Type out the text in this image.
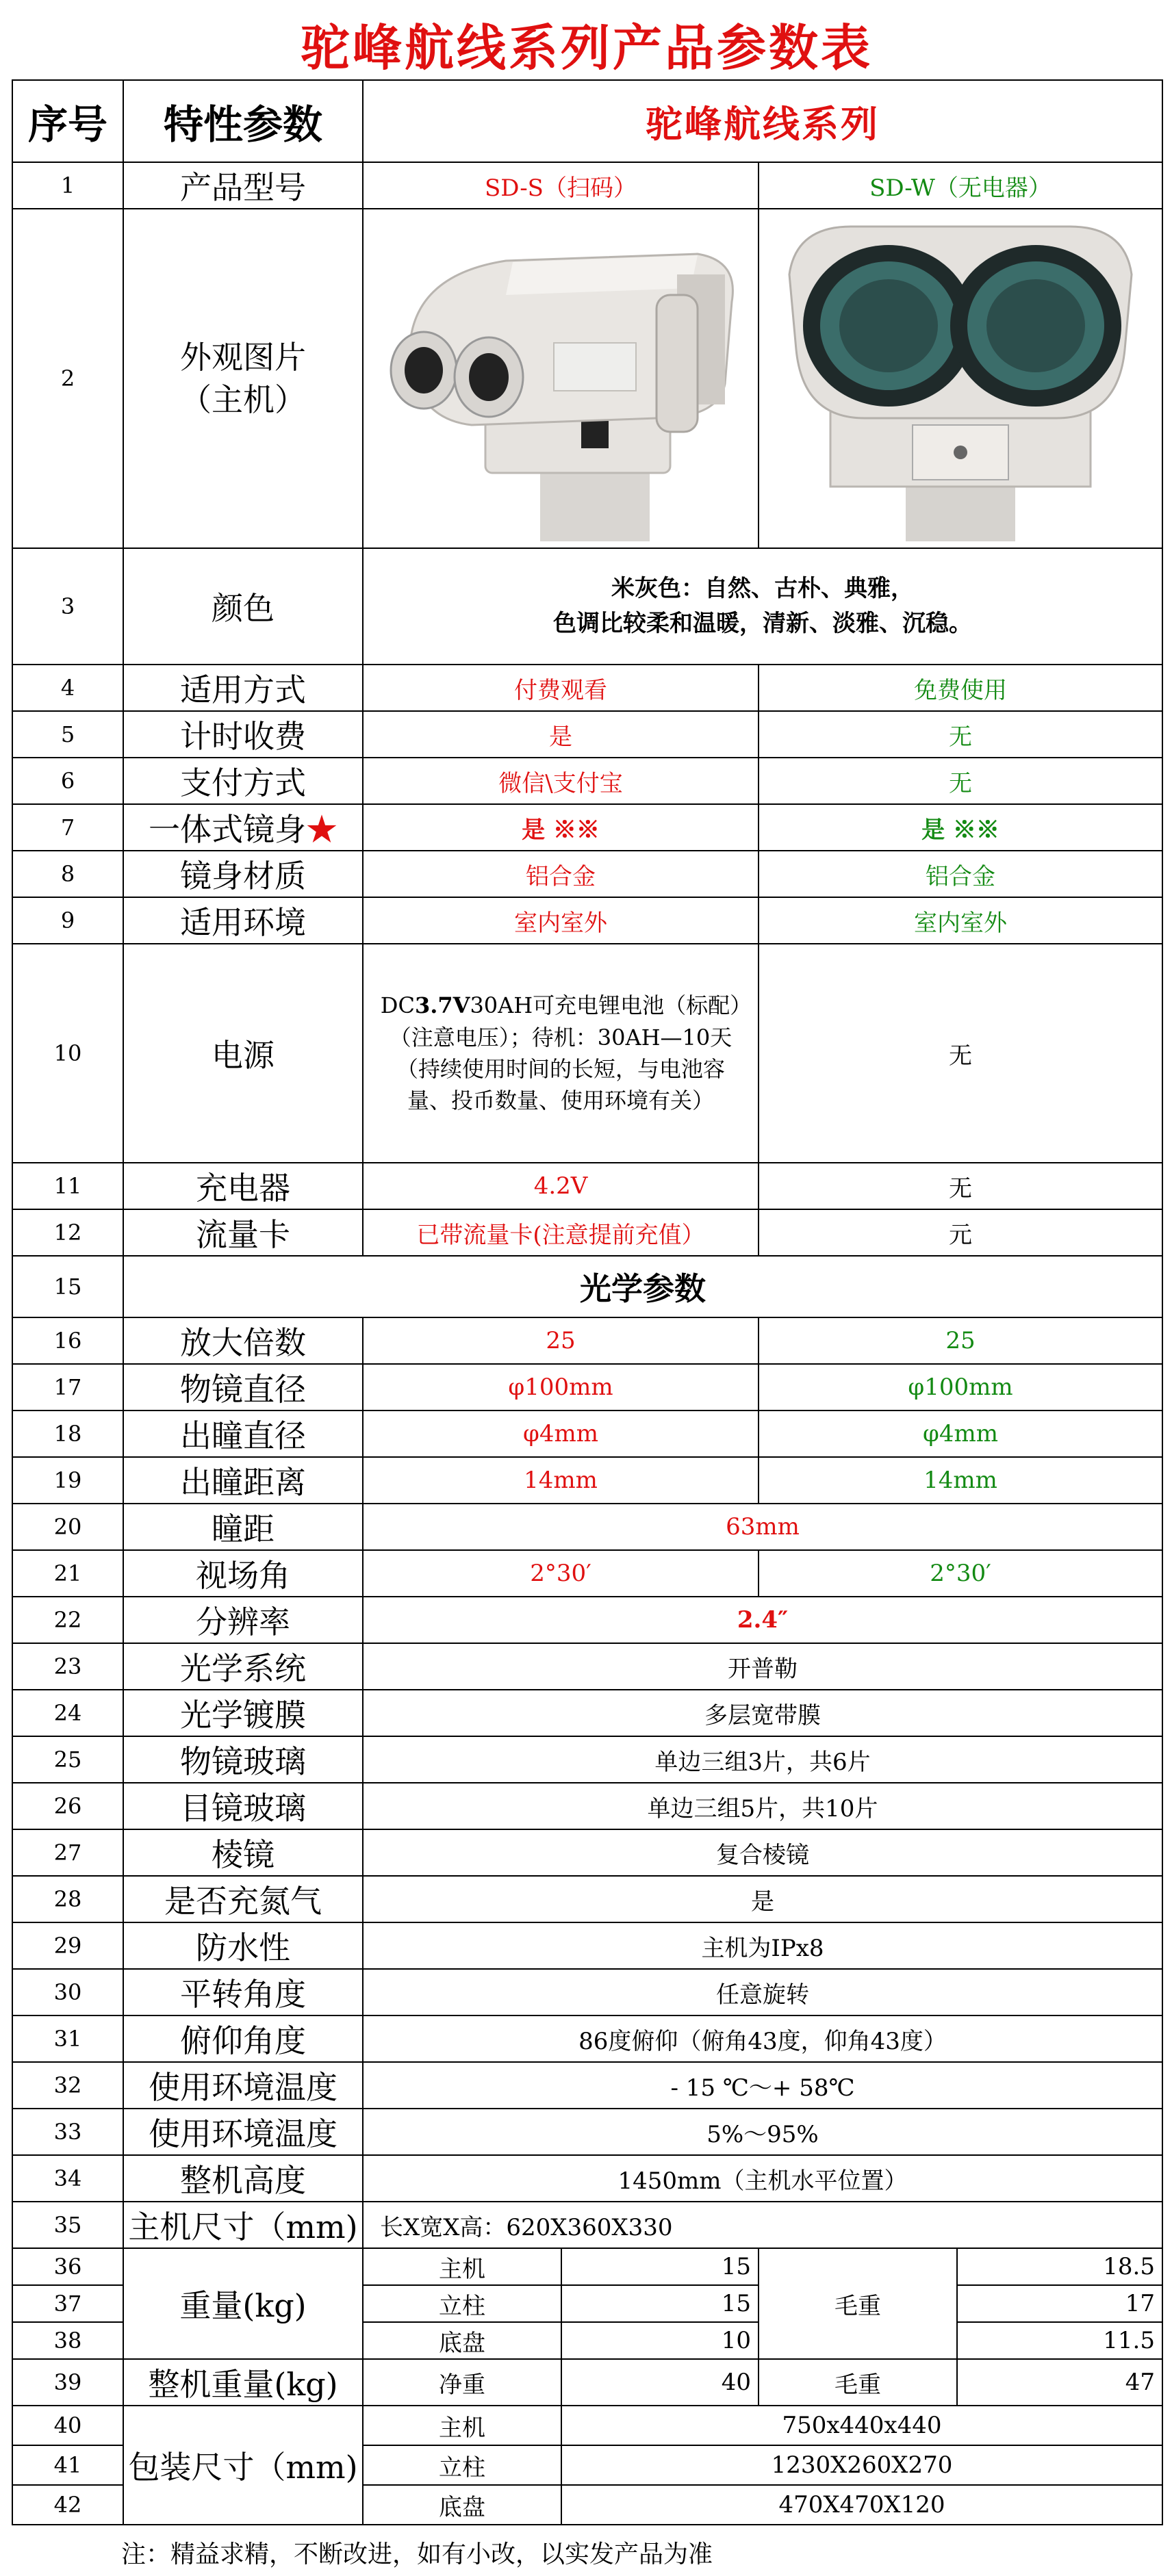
驼峰航线系列产品参数表
序号	特性参数	驼峰航线系列			
1	产品型号	SD-S（扫码）		SD-W（无电器）	
2	外观图片
（主机）

3	颜色	米灰色：自然、古朴、典雅，
色调比较柔和温暖，清新、淡雅、沉稳。			

4	适用方式	付费观看		免费使用	
5	计时收费	是		无	
6	支付方式	微信\支付宝		无	
7	一体式镜身★	是 ※※		是 ※※	
8	镜身材质	铝合金		铝合金	
9	适用环境	室内室外		室内室外	
10	电源	DC3.7V30AH可充电锂电池（标配）（注意电压）；待机：30AH—10天（持续使用时间的长短，与电池容量、投币数量、使用环境有关）		无	
11	充电器	4.2V		无	
12	流量卡	已带流量卡(注意提前充值）		元	
15	光学参数				
16	放大倍数	25		25	
17	物镜直径	φ100mm		φ100mm	
18	出瞳直径	φ4mm		φ4mm	
19	出瞳距离	14mm		14mm	
20	瞳距	63mm			
21	视场角	2°30′		2°30′	
22	分辨率	2.4″			
23	光学系统	开普勒			
24	光学镀膜	多层宽带膜			
25	物镜玻璃	单边三组3片，共6片			
26	目镜玻璃	单边三组5片，共10片			
27	棱镜	复合棱镜			
28	是否充氮气	是			
29	防水性	主机为IPx8			
30	平转角度	任意旋转			
31	俯仰角度	86度俯仰（俯角43度，仰角43度）			
32	使用环境温度	- 15 ℃～+ 58℃			
33	使用环境温度	5%～95%			
34	整机高度	1450mm（主机水平位置）			
35	主机尺寸（mm)	长X宽X高：620X360X330			
36	重量(kg)	主机	15	毛重	18.5
37		立柱	15		17
38		底盘	10		11.5
39	整机重量(kg)	净重	40	毛重	47
40	包装尺寸（mm)	主机	750x440x440		
41		立柱	1230X260X270		
42		底盘	470X470X120		
注：精益求精，不断改进，如有小改，以实发产品为准
